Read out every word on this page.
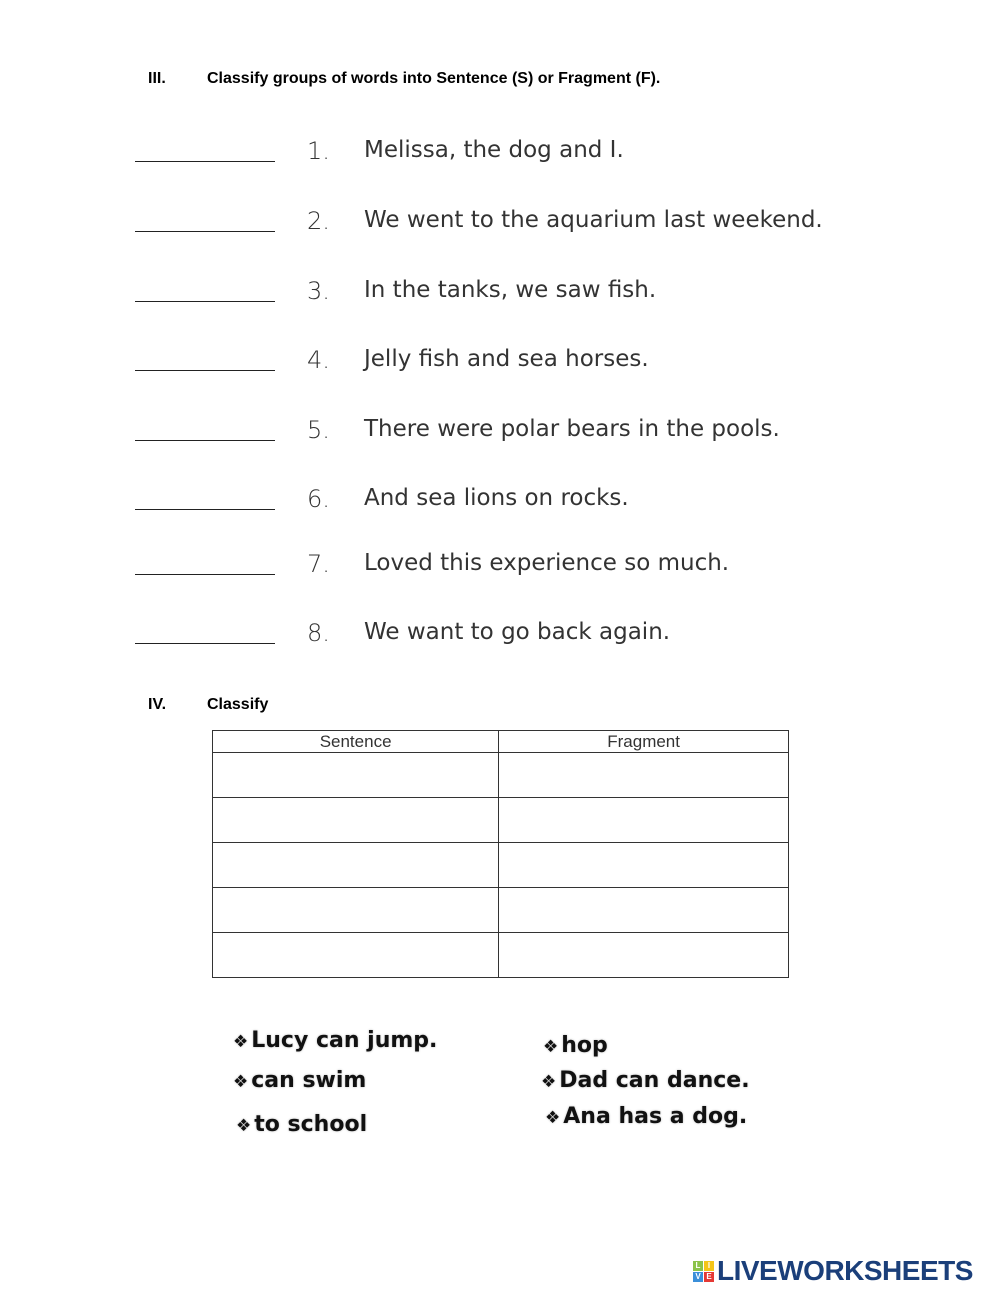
III.	Classify groups of words into Sentence (S) or Fragment (F).
1. Melissa, the dog and I.
2. We went to the aquarium last weekend.
3. In the tanks, we saw fish.
4. Jelly fish and sea horses.
5. There were polar bears in the pools.
6. And sea lions on rocks.
7. Loved this experience so much.
8. We want to go back again.
IV.	Classify
Sentence	Fragment

❖ Lucy can jump.
❖ can swim
❖ to school
❖ hop
❖ Dad can dance.
❖ Ana has a dog.
L I
V E LIVEWORKSHEETS
